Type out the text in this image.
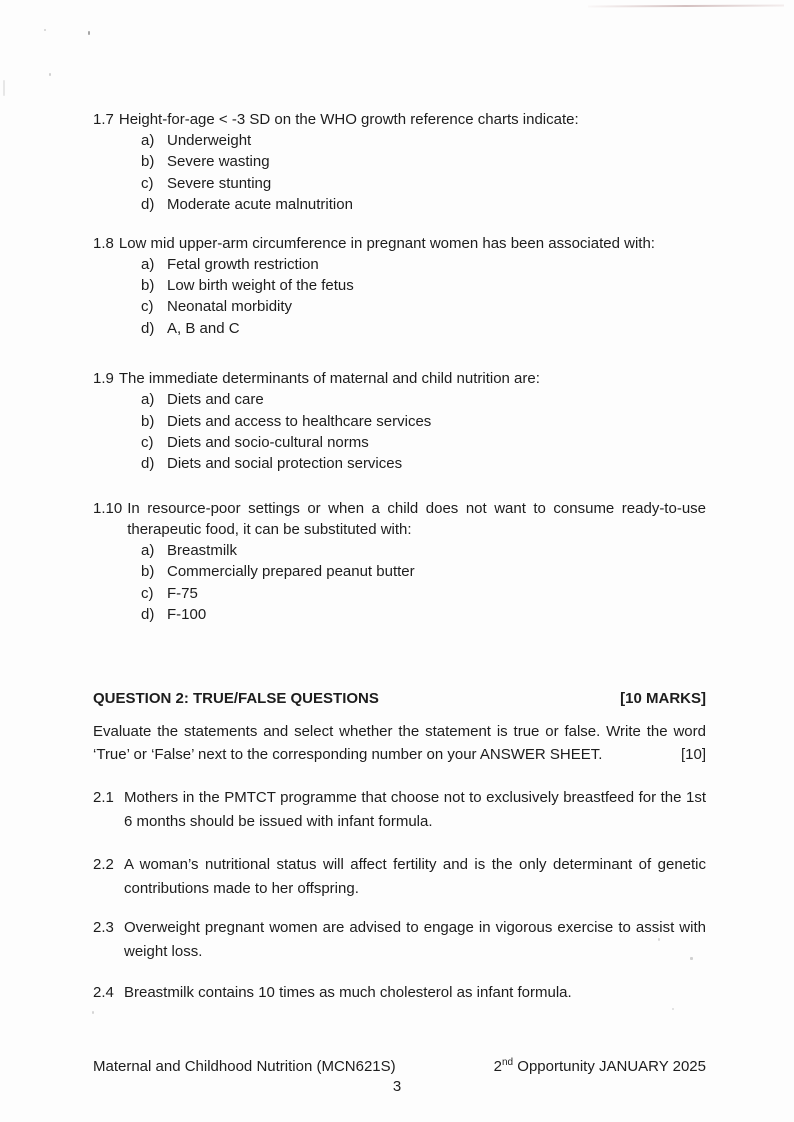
1.7 Height-for-age < -3 SD on the WHO growth reference charts indicate:
a) Underweight
b) Severe wasting
c) Severe stunting
d) Moderate acute malnutrition
1.8 Low mid upper-arm circumference in pregnant women has been associated with:
a) Fetal growth restriction
b) Low birth weight of the fetus
c) Neonatal morbidity
d) A, B and C
1.9 The immediate determinants of maternal and child nutrition are:
a) Diets and care
b) Diets and access to healthcare services
c) Diets and socio-cultural norms
d) Diets and social protection services
1.10 In resource-poor settings or when a child does not want to consume ready-to-use therapeutic food, it can be substituted with:
a) Breastmilk
b) Commercially prepared peanut butter
c) F-75
d) F-100
QUESTION 2: TRUE/FALSE QUESTIONS	[10 MARKS]
Evaluate the statements and select whether the statement is true or false. Write the word ‘True’ or ‘False’ next to the corresponding number on your ANSWER SHEET.	[10]
2.1 Mothers in the PMTCT programme that choose not to exclusively breastfeed for the 1st 6 months should be issued with infant formula.
2.2 A woman’s nutritional status will affect fertility and is the only determinant of genetic contributions made to her offspring.
2.3 Overweight pregnant women are advised to engage in vigorous exercise to assist with weight loss.
2.4 Breastmilk contains 10 times as much cholesterol as infant formula.
Maternal and Childhood Nutrition (MCN621S)	2nd Opportunity JANUARY 2025
3
